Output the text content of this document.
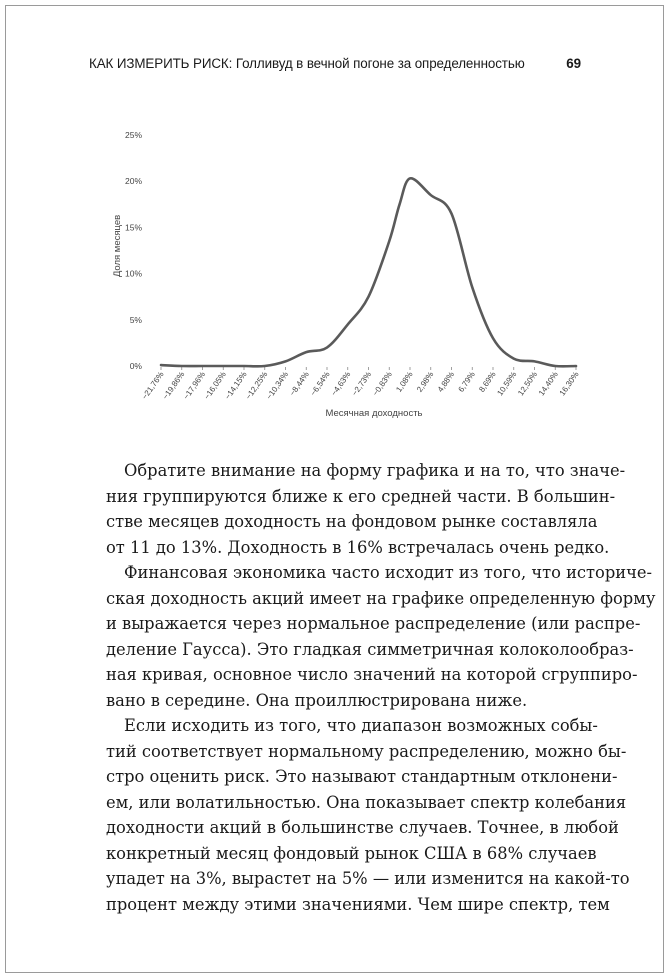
КАК ИЗМЕРИТЬ РИСК: Голливуд в вечной погоне за определенностью	69
0%
5%
10%
15%
20%
25%
−21,76%
−19,86%
−17,96%
−16,05%
−14,15%
−12,25%
−10,34%
−8,44%
−6,54%
−4,63%
−2,73%
−0,83% 1,08% 2,98% 4,88% 6,79% 8,69%
10,59%
12,50%
14,40%
16,30%
Доля месяцев
Месячная доходность
Обратите внимание на форму графика и на то, что значе-
ния группируются ближе к его средней части. В большин-
стве месяцев доходность на фондовом рынке составляла
от 11 до 13%. Доходность в 16% встречалась очень редко.
Финансовая экономика часто исходит из того, что историче-
ская доходность акций имеет на графике определенную форму
и выражается через нормальное распределение (или распре-
деление Гаусса). Это гладкая симметричная колоколообраз-
ная кривая, основное число значений на которой сгруппиро-
вано в середине. Она проиллюстрирована ниже.
Если исходить из того, что диапазон возможных собы-
тий соответствует нормальному распределению, можно бы-
стро оценить риск. Это называют стандартным отклонени-
ем, или волатильностью. Она показывает спектр колебания
доходности акций в большинстве случаев. Точнее, в любой
конкретный месяц фондовый рынок США в 68% случаев
упадет на 3%, вырастет на 5% — или изменится на какой-то
процент между этими значениями. Чем шире спектр, тем
